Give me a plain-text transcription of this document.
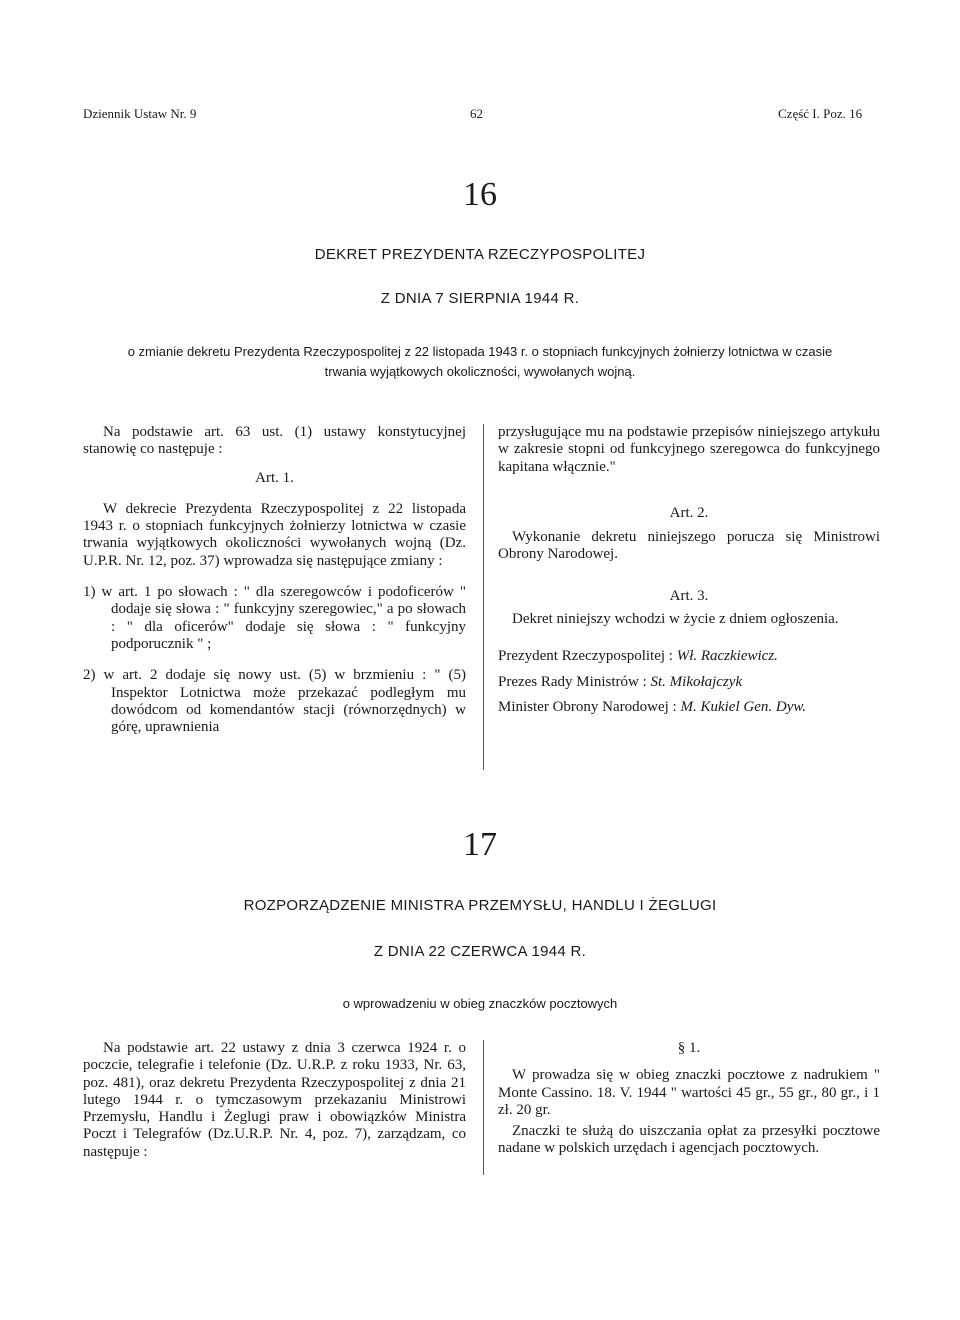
Dziennik Ustaw Nr. 9	62	Część I. Poz. 16
16
DEKRET PREZYDENTA RZECZYPOSPOLITEJ
Z DNIA 7 SIERPNIA 1944 R.
o zmianie dekretu Prezydenta Rzeczypospolitej z 22 listopada 1943 r. o stopniach funkcyjnych żołnierzy lotnictwa w czasie
trwania wyjątkowych okoliczności, wywołanych wojną.

Na podstawie art. 63 ust. (1) ustawy konstytucyjnej stanowię co następuje :

Art. 1.

W dekrecie Prezydenta Rzeczypospolitej z 22 listopada 1943 r. o stopniach funkcyjnych żołnierzy lotnictwa w czasie trwania wyjątkowych okoliczności wywołanych wojną (Dz. U.P.R. Nr. 12, poz. 37) wprowadza się następujące zmiany :

1) w art. 1 po słowach : " dla szeregowców i podoficerów " dodaje się słowa : " funkcyjny szeregowiec," a po słowach : " dla oficerów" dodaje się słowa : " funkcyjny podporucznik " ;

2) w art. 2 dodaje się nowy ust. (5) w brzmieniu : " (5) Inspektor Lotnictwa może przekazać podległym mu dowódcom od komendantów stacji (równorzędnych) w górę, uprawnienia

przysługujące mu na podstawie przepisów niniejszego artykułu w zakresie stopni od funkcyjnego szeregowca do funkcyjnego kapitana włącznie."

Art. 2.

Wykonanie dekretu niniejszego porucza się Ministrowi Obrony Narodowej.

Art. 3.

Dekret niniejszy wchodzi w życie z dniem ogłoszenia.

Prezydent Rzeczypospolitej : Wł. Raczkiewicz.

Prezes Rady Ministrów : St. Mikołajczyk

Minister Obrony Narodowej : M. Kukiel Gen. Dyw.

17
ROZPORZĄDZENIE MINISTRA PRZEMYSŁU, HANDLU I ŻEGLUGI
Z DNIA 22 CZERWCA 1944 R.
o wprowadzeniu w obieg znaczków pocztowych

Na podstawie art. 22 ustawy z dnia 3 czerwca 1924 r. o poczcie, telegrafie i telefonie (Dz. U.R.P. z roku 1933, Nr. 63, poz. 481), oraz dekretu Prezydenta Rzeczypospolitej z dnia 21 lutego 1944 r. o tymczasowym przekazaniu Ministrowi Przemysłu, Handlu i Żeglugi praw i obowiązków Ministra Poczt i Telegrafów (Dz.U.R.P. Nr. 4, poz. 7), zarządzam, co następuje :

§ 1.

W prowadza się w obieg znaczki pocztowe z nadrukiem " Monte Cassino. 18. V. 1944 " wartości 45 gr., 55 gr., 80 gr., i 1 zł. 20 gr.

Znaczki te służą do uiszczania opłat za przesyłki pocztowe nadane w polskich urzędach i agencjach pocztowych.
